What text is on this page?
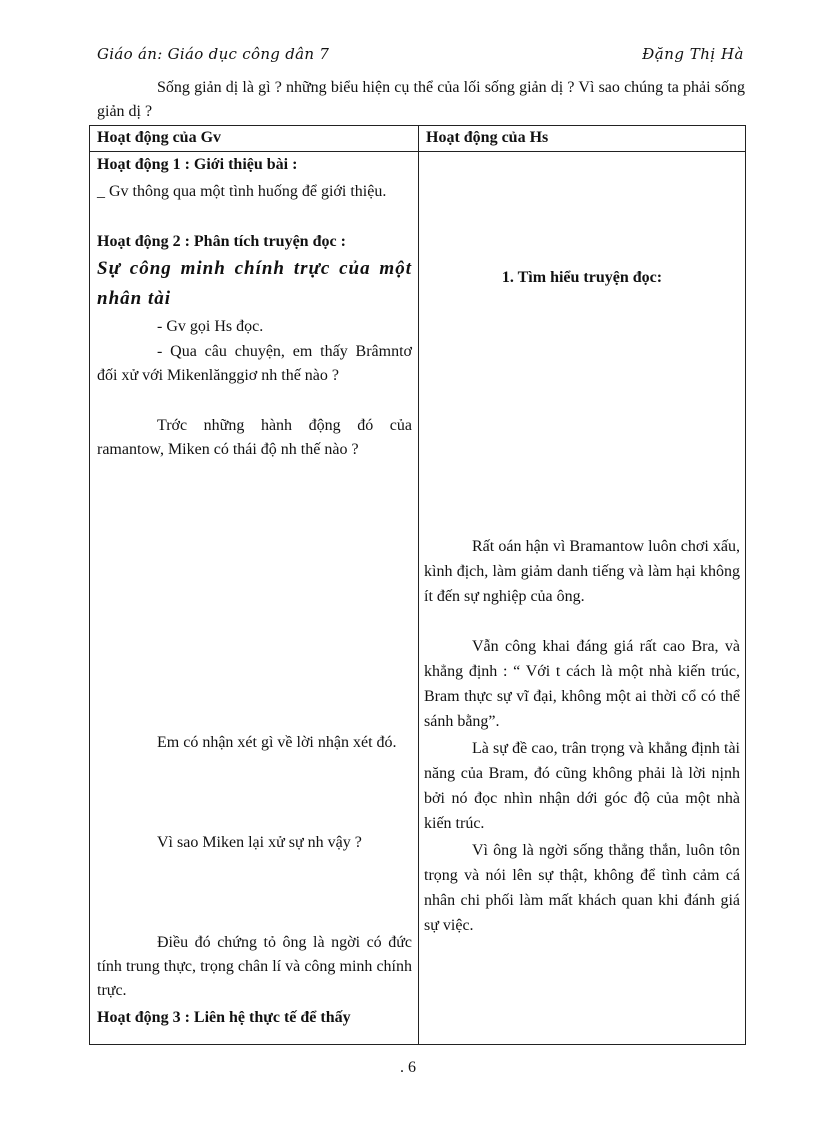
Giáo án: Giáo dục công dân 7	Đặng Thị Hà
Sống giản dị là gì ? những biểu hiện cụ thể của lối sống giản dị ? Vì sao chúng ta phải sống giản dị ?
Hoạt động của Gv	Hoạt động của Hs
Hoạt động 1 : Giới thiệu bài :
_ Gv thông qua một tình huống để giới thiệu.
Hoạt động 2 : Phân tích truyện đọc :
Sự công minh chính trực của một nhân tài
- Gv gọi Hs đọc.
- Qua câu chuyện, em thấy Brâmntơ đối xử với Mikenlănggiơ nh thế nào ?
Trớc những hành động đó của ramantow, Miken có thái độ nh thế nào ?
Em có nhận xét gì về lời nhận xét đó.
Vì sao Miken lại xử sự nh vậy ?
Điều đó chứng tỏ ông là ngời có đức tính trung thực, trọng chân lí và công minh chính trực.
Hoạt động 3 : Liên hệ thực tế để thấy
1. Tìm hiểu truyện đọc:
Rất oán hận vì Bramantow luôn chơi xấu, kình địch, làm giảm danh tiếng và làm hại không ít đến sự nghiệp của ông.
Vẫn công khai đáng giá rất cao Bra, và khẳng định : “ Với t cách là một nhà kiến trúc, Bram thực sự vĩ đại, không một ai thời cổ có thể sánh bằng”.
Là sự đề cao, trân trọng và khẳng định tài năng của Bram, đó cũng không phải là lời nịnh bởi nó đọc nhìn nhận dới góc độ của một nhà kiến trúc.
Vì ông là ngời sống thẳng thắn, luôn tôn trọng và nói lên sự thật, không để tình cảm cá nhân chi phối làm mất khách quan khi đánh giá sự việc.
. 6
